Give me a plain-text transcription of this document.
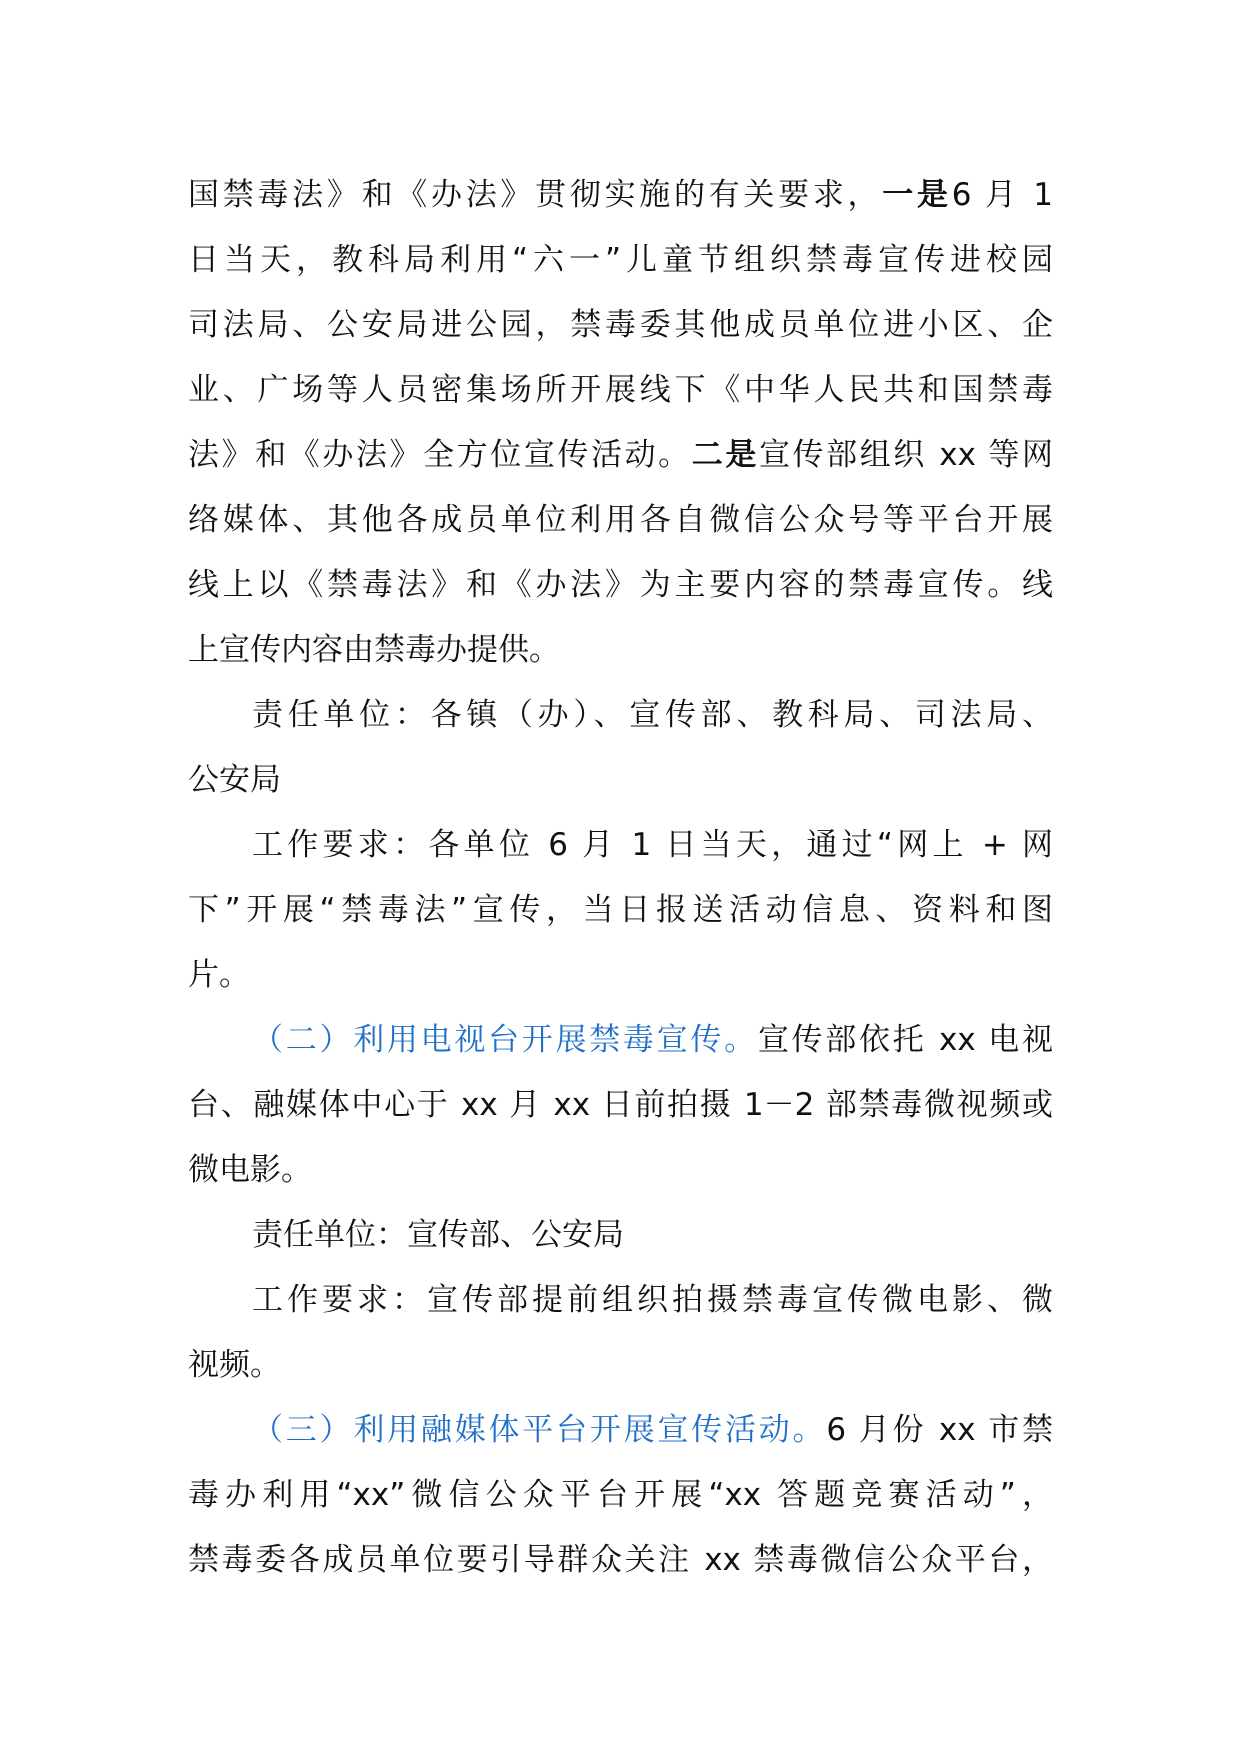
国禁毒法》和《办法》贯彻实施的有关要求，一是6 月 1
日当天，教科局利用“六一”儿童节组织禁毒宣传进校园
司法局、公安局进公园，禁毒委其他成员单位进小区、企
业、广场等人员密集场所开展线下《中华人民共和国禁毒
法》和《办法》全方位宣传活动。二是宣传部组织 xx 等网
络媒体、其他各成员单位利用各自微信公众号等平台开展
线上以《禁毒法》和《办法》为主要内容的禁毒宣传。线
上宣传内容由禁毒办提供。
责任单位：各镇（办）、宣传部、教科局、司法局、
公安局
工作要求：各单位 6 月 1 日当天，通过“网上 + 网
下”开展“禁毒法”宣传，当日报送活动信息、资料和图
片。
（二）利用电视台开展禁毒宣传。宣传部依托 xx 电视
台、融媒体中心于 xx 月 xx 日前拍摄 1－2 部禁毒微视频或
微电影。
责任单位：宣传部、公安局
工作要求：宣传部提前组织拍摄禁毒宣传微电影、微
视频。
（三）利用融媒体平台开展宣传活动。6 月份 xx 市禁
毒办利用“xx”微信公众平台开展“xx 答题竞赛活动”，
禁毒委各成员单位要引导群众关注 xx 禁毒微信公众平台，
